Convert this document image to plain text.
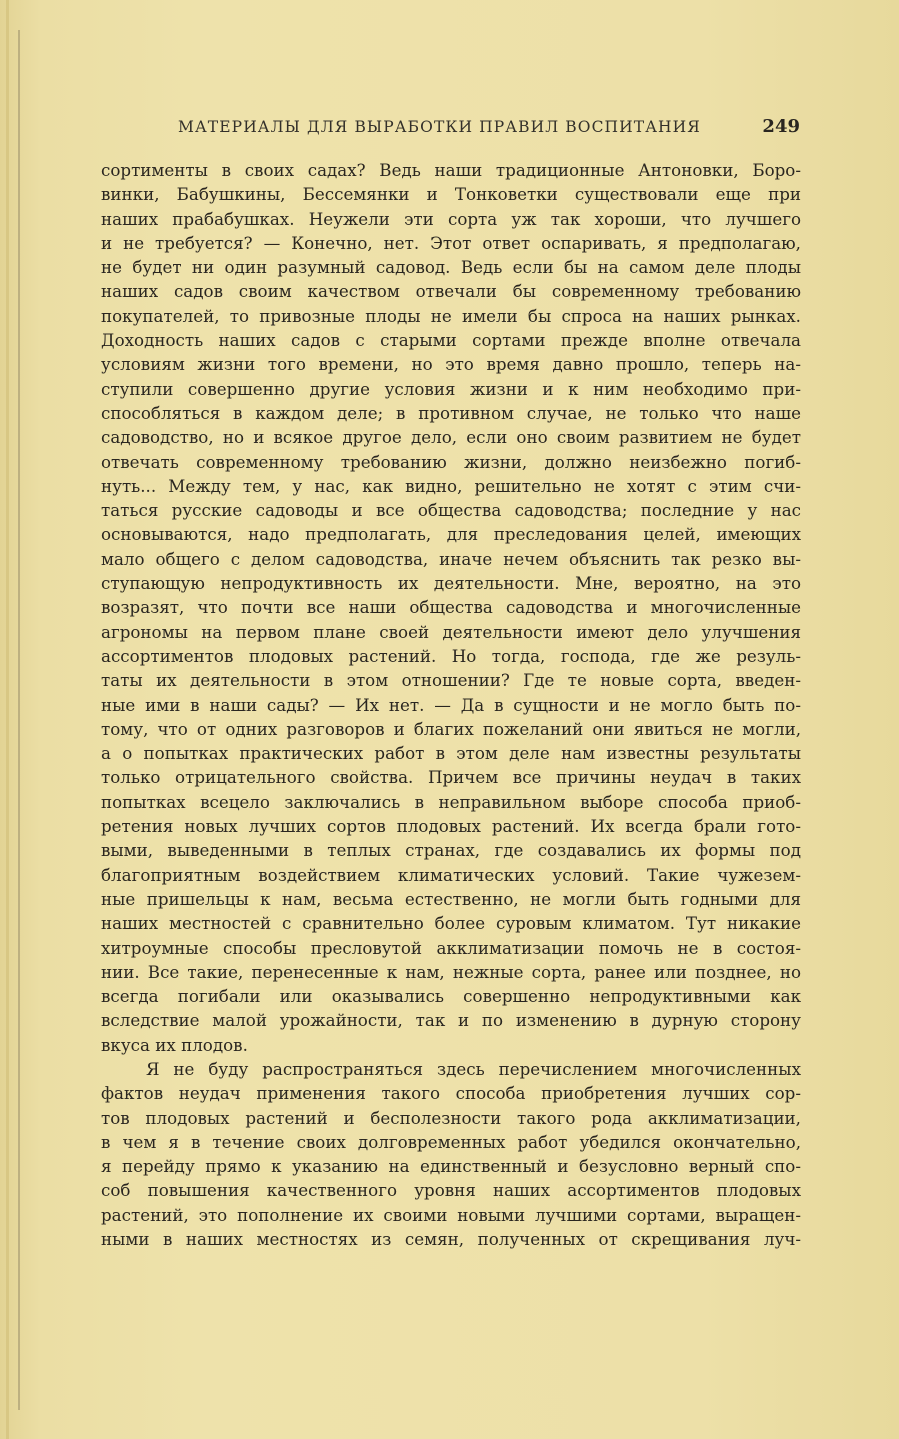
МАТЕРИАЛЫ ДЛЯ ВЫРАБОТКИ ПРАВИЛ ВОСПИТАНИЯ	249
сортименты в своих садах? Ведь наши традиционные Антоновки, Боро-
винки, Бабушкины, Бессемянки и Тонковетки существовали еще при
наших прабабушках. Неужели эти сорта уж так хороши, что лучшего
и не требуется? — Конечно, нет. Этот ответ оспаривать, я предполагаю,
не будет ни один разумный садовод. Ведь если бы на самом деле плоды
наших садов своим качеством отвечали бы современному требованию
покупателей, то привозные плоды не имели бы спроса на наших рынках.
Доходность наших садов с старыми сортами прежде вполне отвечала
условиям жизни того времени, но это время давно прошло, теперь на-
ступили совершенно другие условия жизни и к ним необходимо при-
способляться в каждом деле; в противном случае, не только что наше
садоводство, но и всякое другое дело, если оно своим развитием не будет
отвечать современному требованию жизни, должно неизбежно погиб-
нуть... Между тем, у нас, как видно, решительно не хотят с этим счи-
таться русские садоводы и все общества садоводства; последние у нас
основываются, надо предполагать, для преследования целей, имеющих
мало общего с делом садоводства, иначе нечем объяснить так резко вы-
ступающую непродуктивность их деятельности. Мне, вероятно, на это
возразят, что почти все наши общества садоводства и многочисленные
агрономы на первом плане своей деятельности имеют дело улучшения
ассортиментов плодовых растений. Но тогда, господа, где же резуль-
таты их деятельности в этом отношении? Где те новые сорта, введен-
ные ими в наши сады? — Их нет. — Да в сущности и не могло быть по-
тому, что от одних разговоров и благих пожеланий они явиться не могли,
а о попытках практических работ в этом деле нам известны результаты
только отрицательного свойства. Причем все причины неудач в таких
попытках всецело заключались в неправильном выборе способа приоб-
ретения новых лучших сортов плодовых растений. Их всегда брали гото-
выми, выведенными в теплых странах, где создавались их формы под
благоприятным воздействием климатических условий. Такие чужезем-
ные пришельцы к нам, весьма естественно, не могли быть годными для
наших местностей с сравнительно более суровым климатом. Тут никакие
хитроумные способы пресловутой акклиматизации помочь не в состоя-
нии. Все такие, перенесенные к нам, нежные сорта, ранее или позднее, но
всегда погибали или оказывались совершенно непродуктивными как
вследствие малой урожайности, так и по изменению в дурную сторону
вкуса их плодов.
Я не буду распространяться здесь перечислением многочисленных
фактов неудач применения такого способа приобретения лучших сор-
тов плодовых растений и бесполезности такого рода акклиматизации,
в чем я в течение своих долговременных работ убедился окончательно,
я перейду прямо к указанию на единственный и безусловно верный спо-
соб повышения качественного уровня наших ассортиментов плодовых
растений, это пополнение их своими новыми лучшими сортами, выращен-
ными в наших местностях из семян, полученных от скрещивания луч-
